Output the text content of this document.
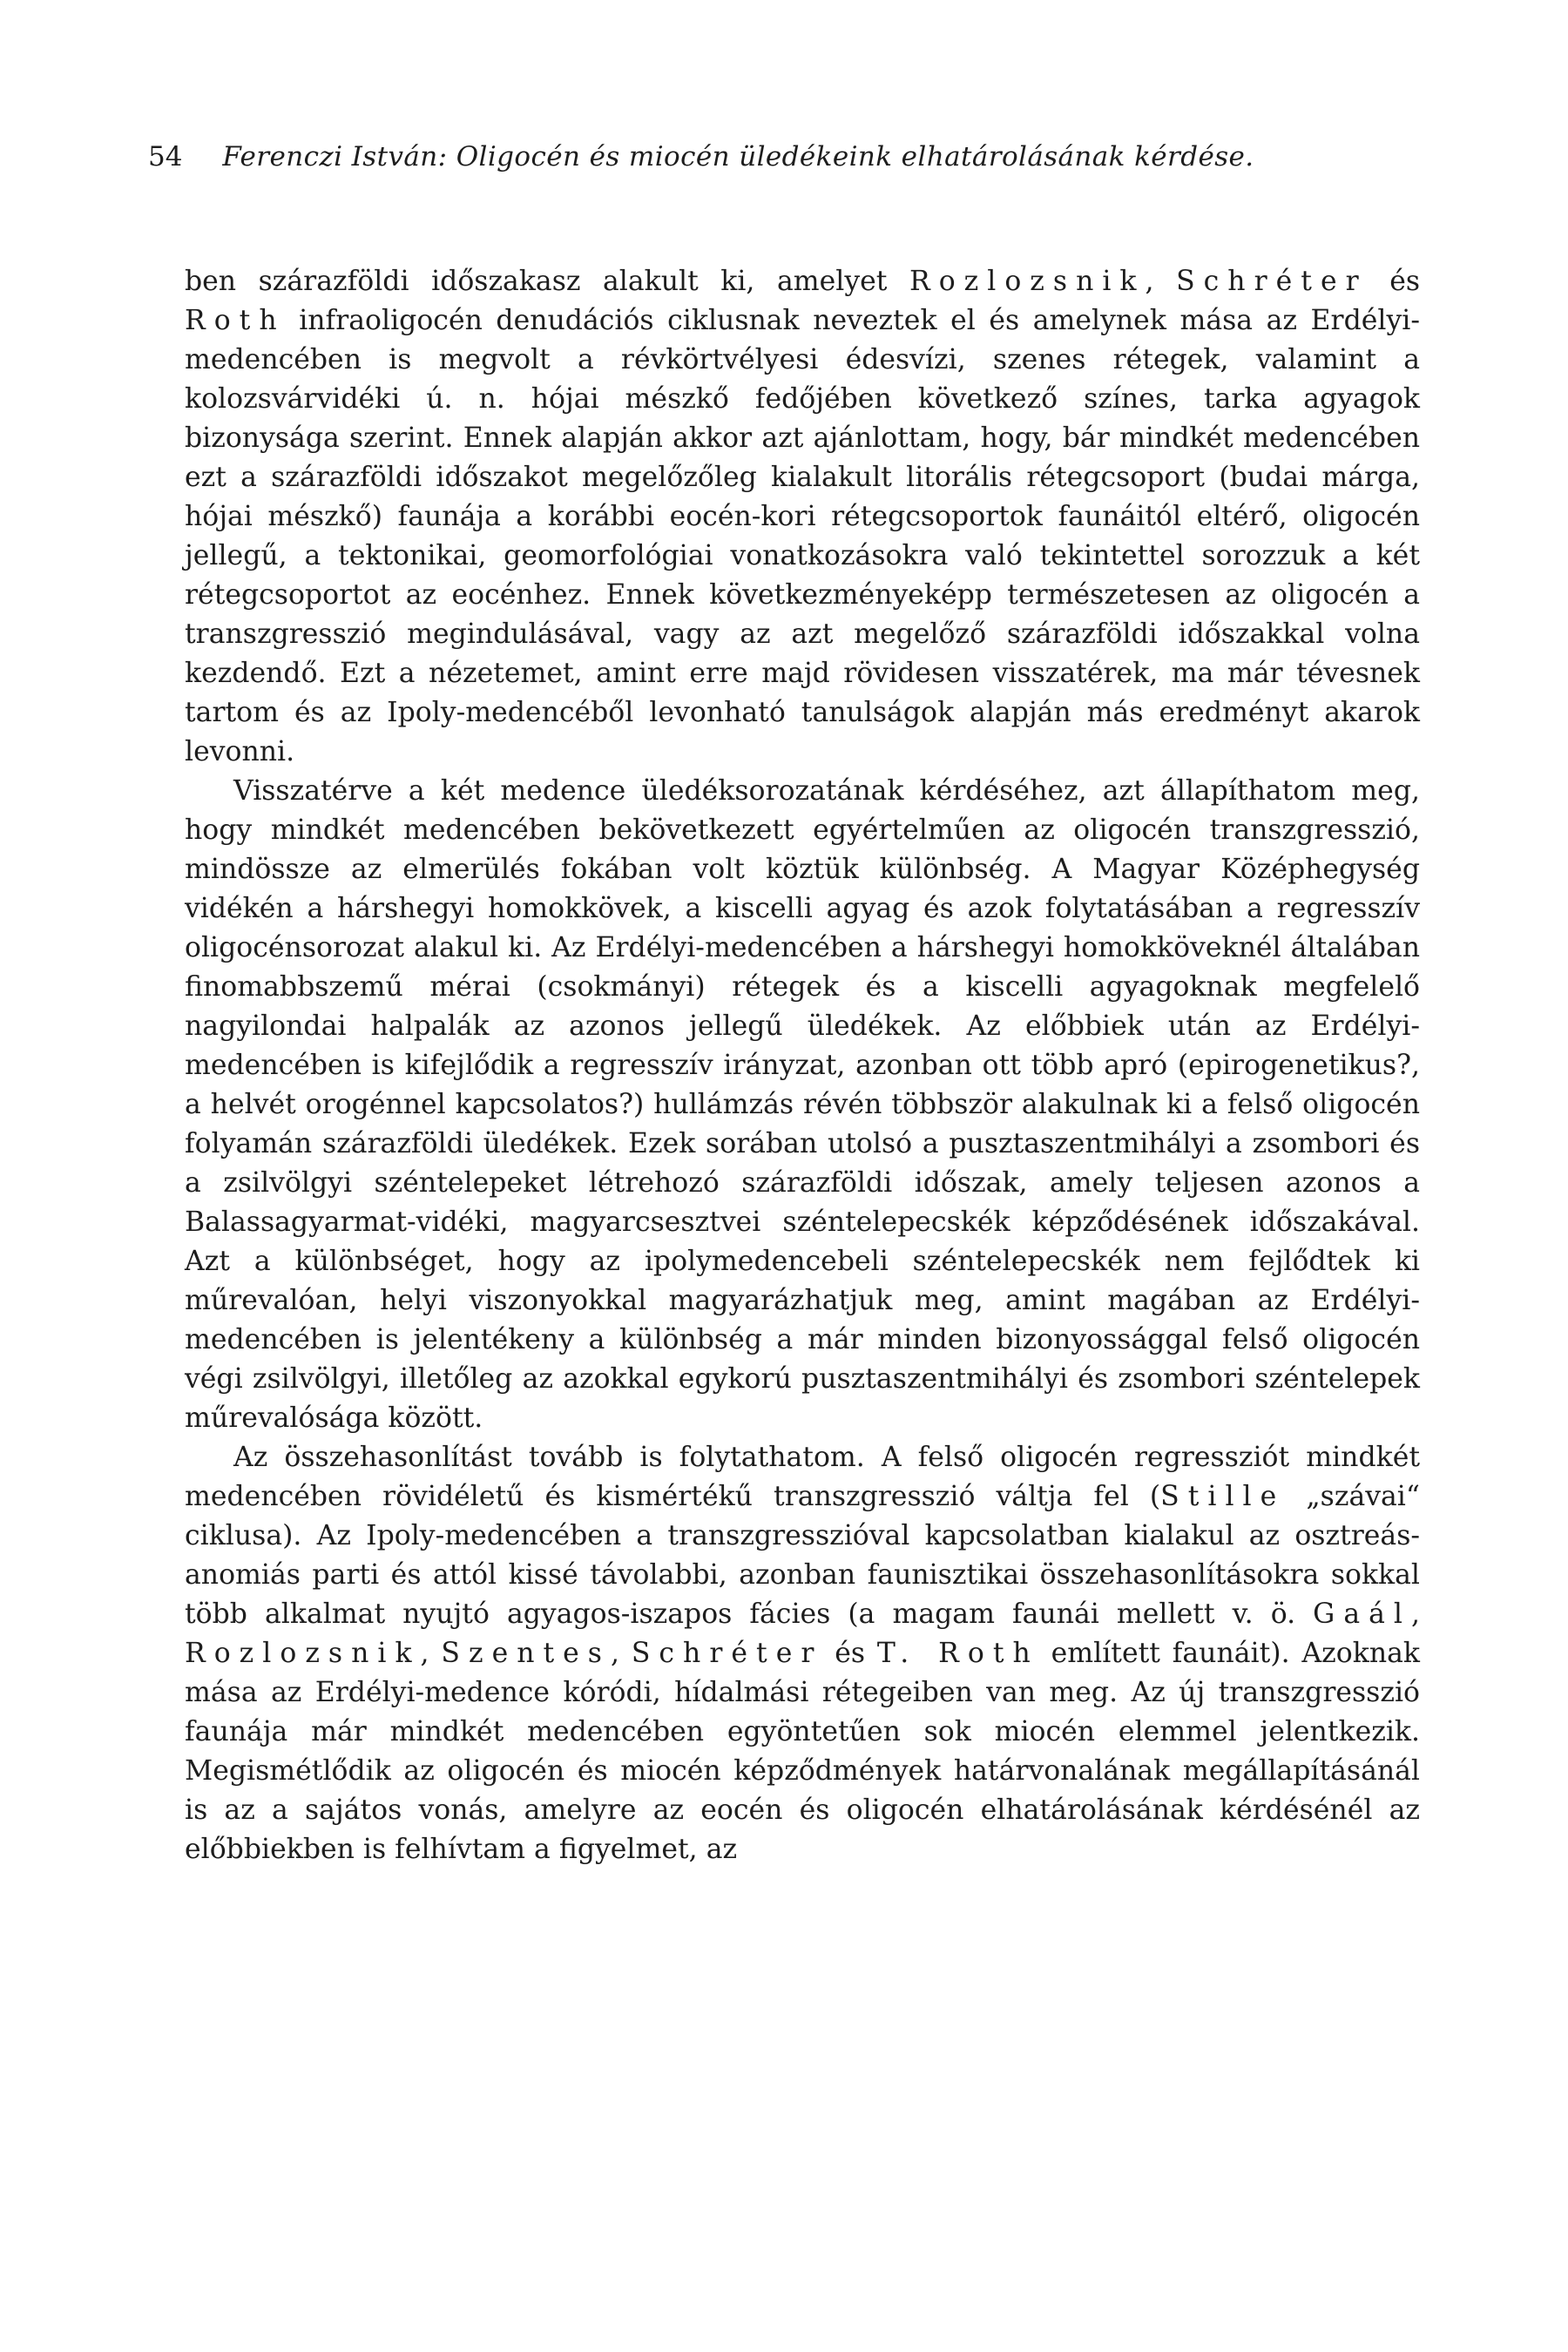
54 Ferenczi István: Oligocén és miocén üledékeink elhatárolásának kérdése.

ben szárazföldi időszakasz alakult ki, amelyet Rozlozsnik, Schréter és Roth infraoligocén denudációs ciklusnak neveztek el és amelynek mása az Erdélyi-medencében is megvolt a révkörtvélyesi édesvízi, szenes rétegek, valamint a kolozsvárvidéki ú. n. hójai mészkő fedőjében következő színes, tarka agyagok bizonysága szerint. Ennek alapján akkor azt ajánlottam, hogy, bár mindkét medencében ezt a szárazföldi időszakot megelőzőleg kialakult litorális rétegcsoport (budai márga, hójai mészkő) faunája a korábbi eocén-kori rétegcsoportok faunáitól eltérő, oligocén jellegű, a tektonikai, geomorfológiai vonatkozásokra való tekintettel sorozzuk a két rétegcsoportot az eocénhez. Ennek következményeképp természetesen az oligocén a transzgresszió megindulásával, vagy az azt megelőző szárazföldi időszakkal volna kezdendő. Ezt a nézetemet, amint erre majd rövidesen visszatérek, ma már tévesnek tartom és az Ipoly-medencéből levonható tanulságok alapján más eredményt akarok levonni.

Visszatérve a két medence üledéksorozatának kérdéséhez, azt állapíthatom meg, hogy mindkét medencében bekövetkezett egyértelműen az oligocén transzgresszió, mindössze az elmerülés fokában volt köztük különbség. A Magyar Középhegység vidékén a hárshegyi homokkövek, a kiscelli agyag és azok folytatásában a regresszív oligocénsorozat alakul ki. Az Erdélyi-medencében a hárshegyi homokköveknél általában finomabbszemű mérai (csokmányi) rétegek és a kiscelli agyagoknak megfelelő nagyilondai halpalák az azonos jellegű üledékek. Az előbbiek után az Erdélyi-medencében is kifejlődik a regresszív irányzat, azonban ott több apró (epirogenetikus?, a helvét orogénnel kapcsolatos?) hullámzás révén többször alakulnak ki a felső oligocén folyamán szárazföldi üledékek. Ezek sorában utolsó a pusztaszentmihályi a zsombori és a zsilvölgyi széntelepeket létrehozó szárazföldi időszak, amely teljesen azonos a Balassagyarmat-vidéki, magyarcsesztvei széntelepecskék képződésének időszakával. Azt a különbséget, hogy az ipolymedencebeli széntelepecskék nem fejlődtek ki műrevalóan, helyi viszonyokkal magyarázhatjuk meg, amint magában az Erdélyi-medencében is jelentékeny a különbség a már minden bizonyossággal felső oligocén végi zsilvölgyi, illetőleg az azokkal egykorú pusztaszentmihályi és zsombori széntelepek műrevalósága között.

Az összehasonlítást tovább is folytathatom. A felső oligocén regressziót mindkét medencében rövidéletű és kismértékű transzgresszió váltja fel (Stille „szávai“ ciklusa). Az Ipoly-medencében a transzgresszióval kapcsolatban kialakul az osztreás-anomiás parti és attól kissé távolabbi, azonban faunisztikai összehasonlításokra sokkal több alkalmat nyujtó agyagos-iszapos fácies (a magam faunái mellett v. ö. Gaál, Rozlozsnik, Szentes, Schréter és T. Roth említett faunáit). Azoknak mása az Erdélyi-medence kóródi, hídalmási rétegeiben van meg. Az új transzgresszió faunája már mindkét medencében egyöntetűen sok miocén elemmel jelentkezik. Megismétlődik az oligocén és miocén képződmények határvonalának megállapításánál is az a sajátos vonás, amelyre az eocén és oligocén elhatárolásának kérdésénél az előbbiekben is felhívtam a figyelmet, az
